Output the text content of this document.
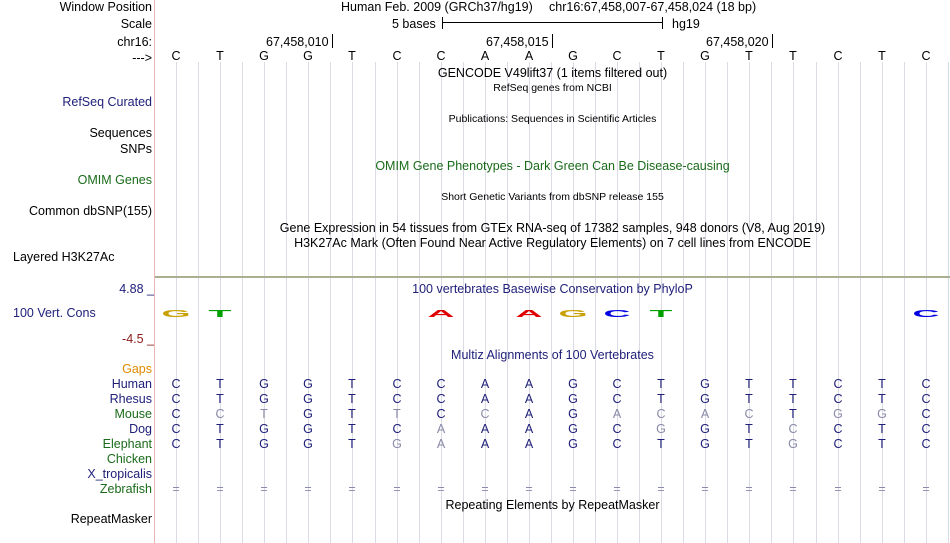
Window Position
Scale
chr16:
--->
Human Feb. 2009 (GRCh37/hg19) chr16:67,458,007-67,458,024 (18 bp)
5 bases	hg19
67,458,010	67,458,015	67,458,020
C	T	G	G	T	C	C	A	A	G	C	T	G	T	T	C	T	C
GENCODE V49lift37 (1 items filtered out)
RefSeq genes from NCBI
RefSeq Curated
Publications: Sequences in Scientific Articles
Sequences
SNPs
OMIM Gene Phenotypes - Dark Green Can Be Disease-causing
OMIM Genes
Short Genetic Variants from dbSNP release 155
Common dbSNP(155)
Gene Expression in 54 tissues from GTEx RNA-seq of 17382 samples, 948 donors (V8, Aug 2019)
H3K27Ac Mark (Often Found Near Active Regulatory Elements) on 7 cell lines from ENCODE
Layered H3K27Ac
100 vertebrates Basewise Conservation by PhyloP
4.88 _
100 Vert. Cons
-4.5 _
G T	A	A G C T	C
Multiz Alignments of 100 Vertebrates
Gaps
Human	C	T	G	G	T	C	C	A	A	G	C	T	G	T	T	C	T	C
Rhesus	C	T	G	G	T	C	C	A	A	G	C	T	G	T	T	C	T	C
Mouse	C	C	T	G	T	T	C	C	A	G	A	C	A	C	T	G	G	C
Dog	C	T	G	G	T	C	A	A	A	G	C	G	G	T	C	C	T	C
Elephant	C	T	G	G	T	G	A	A	A	G	C	T	G	T	G	C	T	C
Chicken
X_tropicalis
Zebrafish	=	=	=	=	=	=	=	=	=	=	=	=	=	=	=	=	=	=
Repeating Elements by RepeatMasker
RepeatMasker
